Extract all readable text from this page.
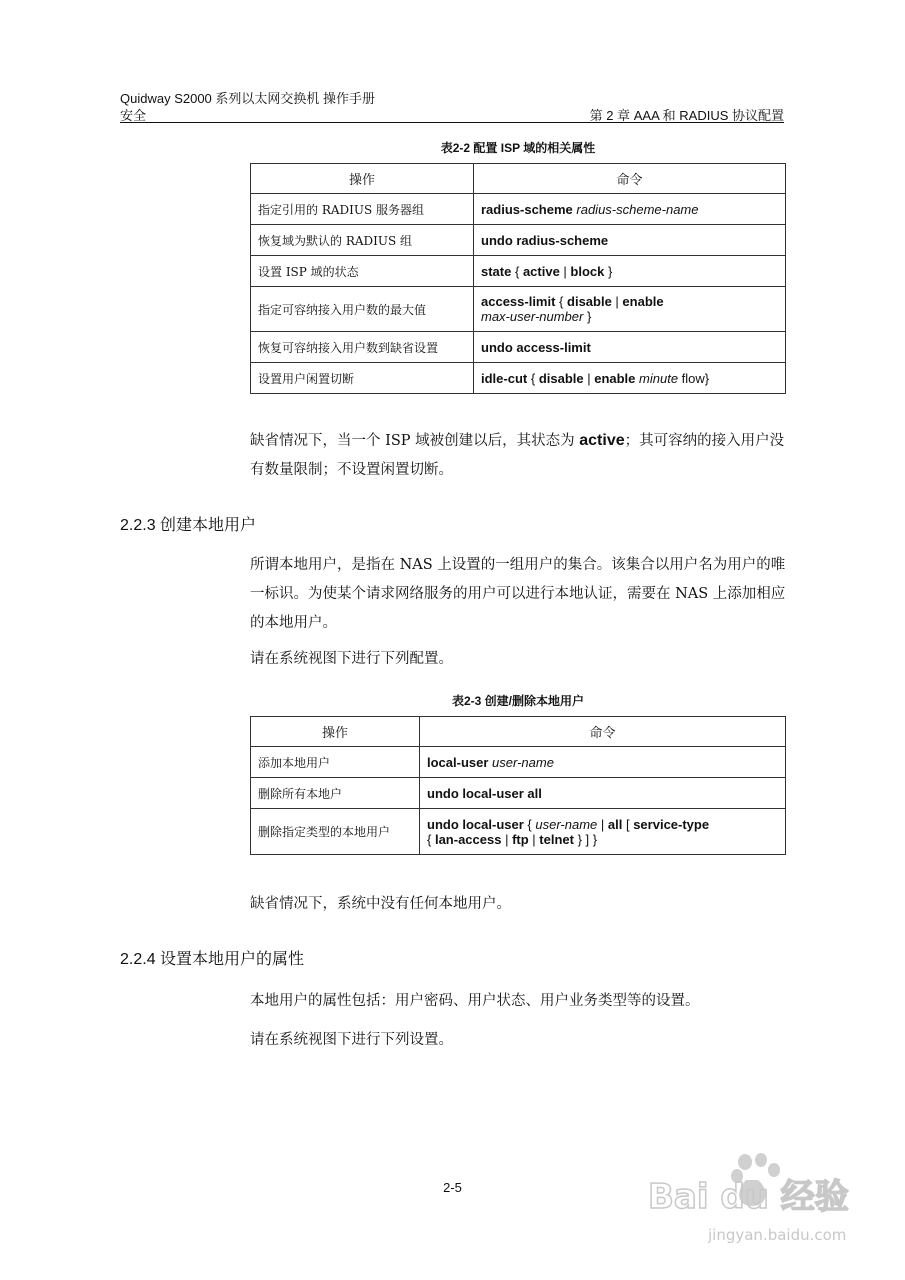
Quidway S2000 系列以太网交换机 操作手册
安全	第 2 章 AAA 和 RADIUS 协议配置
表2-2 配置 ISP 域的相关属性
操作	命令
指定引用的 RADIUS 服务器组	radius-scheme radius-scheme-name
恢复域为默认的 RADIUS 组	undo radius-scheme
设置 ISP 域的状态	state { active | block }
指定可容纳接入用户数的最大值	access-limit { disable | enable
max-user-number }
恢复可容纳接入用户数到缺省设置	undo access-limit
设置用户闲置切断	idle-cut { disable | enable minute flow}
缺省情况下，当一个 ISP 域被创建以后，其状态为 active；其可容纳的接入用户没有数量限制；不设置闲置切断。
2.2.3 创建本地用户
所谓本地用户，是指在 NAS 上设置的一组用户的集合。该集合以用户名为用户的唯一标识。为使某个请求网络服务的用户可以进行本地认证，需要在 NAS 上添加相应的本地用户。
请在系统视图下进行下列配置。
表2-3 创建/删除本地用户
操作	命令
添加本地用户	local-user user-name
删除所有本地户	undo local-user all
删除指定类型的本地用户	undo local-user { user-name | all [ service-type
{ lan-access | ftp | telnet } ] }
缺省情况下，系统中没有任何本地用户。
2.2.4 设置本地用户的属性
本地用户的属性包括：用户密码、用户状态、用户业务类型等的设置。
请在系统视图下进行下列设置。
2-5	Bai du 经验
jingyan.baidu.com
